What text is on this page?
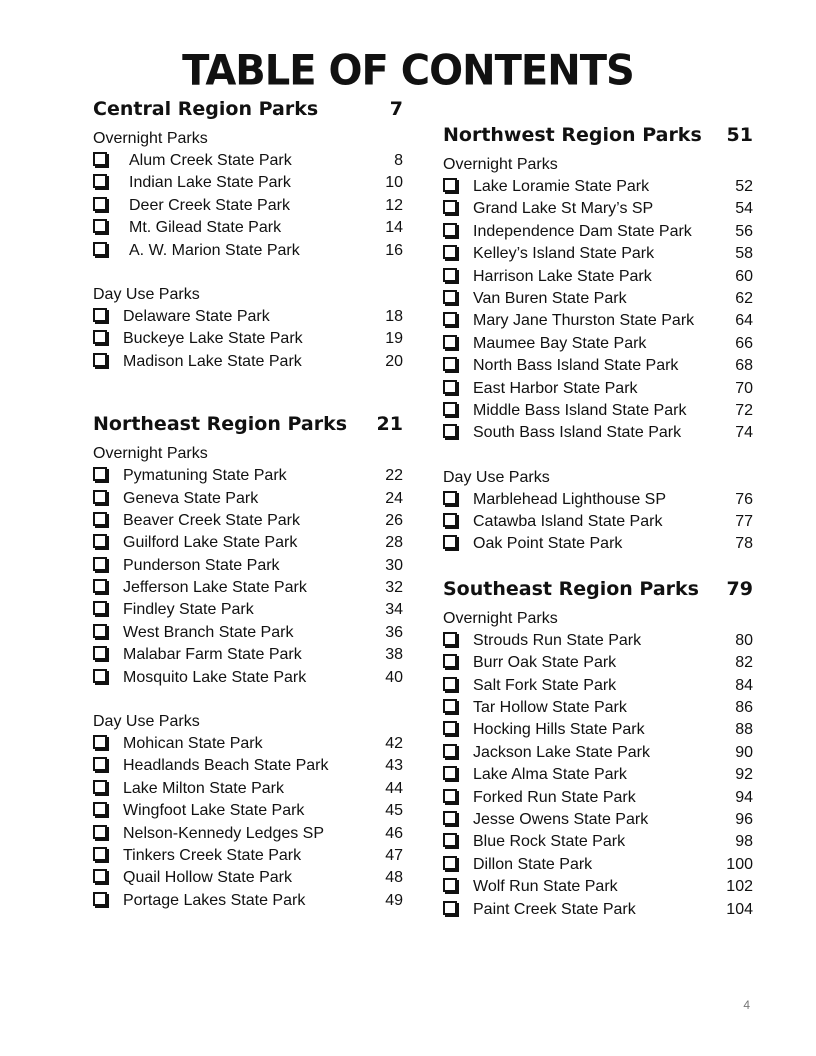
TABLE OF CONTENTS
Central Region Parks	7
Overnight Parks
Alum Creek State Park	8
Indian Lake State Park	10
Deer Creek State Park	12
Mt. Gilead State Park	14
A. W. Marion State Park	16
Day Use Parks
Delaware State Park	18
Buckeye Lake State Park	19
Madison Lake State Park	20
Northeast Region Parks 21
Overnight Parks
Pymatuning State Park	22
Geneva State Park	24
Beaver Creek State Park	26
Guilford Lake State Park	28
Punderson State Park	30
Jefferson Lake State Park	32
Findley State Park	34
West Branch State Park	36
Malabar Farm State Park	38
Mosquito Lake State Park	40
Day Use Parks
Mohican State Park	42
Headlands Beach State Park	43
Lake Milton State Park	44
Wingfoot Lake State Park	45
Nelson-Kennedy Ledges SP	46
Tinkers Creek State Park	47
Quail Hollow State Park	48
Portage Lakes State Park	49
Northwest Region Parks 51
Overnight Parks
Lake Loramie State Park	52
Grand Lake St Mary’s SP	54
Independence Dam State Park	56
Kelley’s Island State Park	58
Harrison Lake State Park	60
Van Buren State Park	62
Mary Jane Thurston State Park	64
Maumee Bay State Park	66
North Bass Island State Park	68
East Harbor State Park	70
Middle Bass Island State Park	72
South Bass Island State Park	74
Day Use Parks
Marblehead Lighthouse SP	76
Catawba Island State Park	77
Oak Point State Park	78
Southeast Region Parks 79
Overnight Parks
Strouds Run State Park	80
Burr Oak State Park	82
Salt Fork State Park	84
Tar Hollow State Park	86
Hocking Hills State Park	88
Jackson Lake State Park	90
Lake Alma State Park	92
Forked Run State Park	94
Jesse Owens State Park	96
Blue Rock State Park	98
Dillon State Park	100
Wolf Run State Park	102
Paint Creek State Park	104
4
